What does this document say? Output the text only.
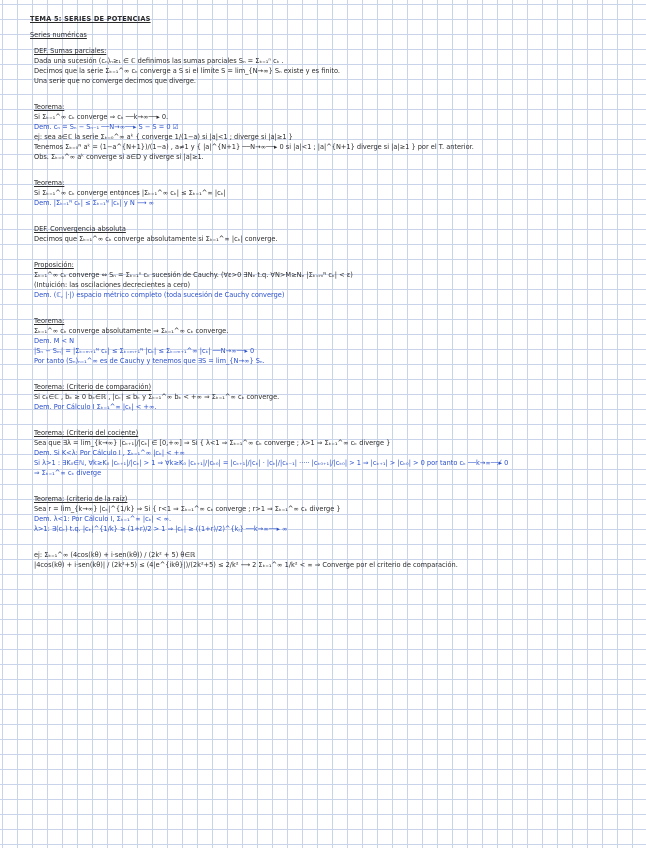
TEMA 5: SERIES DE POTENCIAS
Series numéricas
DEF. Sumas parciales:
Dada una sucesión (cₙ)ₙ≥₁ ∈ ℂ definimos las sumas parciales Sₙ = Σₖ₌₁ⁿ cₖ .
Decimos que la serie Σₖ₌₁^∞ cₖ converge a S si el límite S = lim_{N→∞} Sₙ existe y es finito.
Una serie que no converge decimos que diverge.
Teorema:
Si Σₖ₌₁^∞ cₖ converge ⇒ cₖ ──k→∞──▸ 0.
Dem. cₙ = Sₙ − Sₙ₋₁ ──N→∞──▸ S − S = 0 ☑
ej: sea a∈ℂ la serie Σₖ₌₀^∞ aᵏ { converge 1/(1−a) si |a|<1 ; diverge si |a|≥1 }
Tenemos Σₖ₌₀ᴺ aᵏ = (1−a^{N+1})/(1−a) , a≠1 y { |a|^{N+1} ──N→∞──▸ 0 si |a|<1 ; |a|^{N+1} diverge si |a|≥1 } por el T. anterior.
Obs. Σₖ₌₀^∞ aᵏ converge si a∈D y diverge si |a|≥1.
Teorema:
Si Σₖ₌₁^∞ cₖ converge entonces |Σₖ₌₁^∞ cₖ| ≤ Σₖ₌₁^∞ |cₖ|
Dem. |Σₖ₌₁ᴺ cₖ| ≤ Σₖ₌₁ᴺ |cₖ| y N ⟶ ∞
DEF. Convergencia absoluta
Decimos que Σₖ₌₁^∞ cₖ converge absolutamente si Σₖ₌₁^∞ |cₖ| converge.
Proposición:
Σₖ₌₁^∞ cₖ converge ⇔ Sₙ = Σₖ₌₁ⁿ cₖ sucesión de Cauchy. (∀ε>0 ∃Nₑ t.q. ∀N>M≥Nₑ |Σₖ₌ₘᴺ cₖ| < ε)
(Intuición: las oscilaciones decrecientes a cero)
Dem. (ℂ, |·|) espacio métrico completo (toda sucesión de Cauchy converge)
Teorema:
Σₖ₌₁^∞ cₖ converge absolutamente ⇒ Σₖ₌₁^∞ cₖ converge.
Dem. M < N
|Sₙ − Sₘ| = |Σₖ₌ₘ₊₁ᴺ cₖ| ≤ Σₖ₌ₘ₊₁ᴺ |cₖ| ≤ Σₖ₌ₘ₊₁^∞ |cₖ| ──N→∞──▸ 0
Por tanto (Sₙ)ₙ₌₁^∞ es de Cauchy y tenemos que ∃S = lim_{N→∞} Sₙ.
Teorema: (Criterio de comparación)
Si cₖ∈ℂ , bₖ ≥ 0 bₖ∈ℝ , |cₖ| ≤ bₖ y Σₖ₌₁^∞ bₖ < +∞ ⇒ Σₖ₌₁^∞ cₖ converge.
Dem. Por Cálculo I Σₖ₌₁^∞ |cₖ| < +∞.
Teorema: (Criterio del cociente)
Sea que ∃λ = lim_{k→∞} |cₖ₊₁|/|cₖ| ∈ [0,+∞] ⇒ Si { λ<1 ⇒ Σₖ₌₁^∞ cₖ converge ; λ>1 ⇒ Σₖ₌₁^∞ cₖ diverge }
Dem. Si K<λ: Por Cálculo I , Σₖ₌₁^∞ |cₖ| < +∞
Si λ>1 : ∃K₀∈ℕ, ∀k≥K₀ |cₖ₊₁|/|cₖ| > 1 ⇒ ∀k≥K₀ |cₖ₊₁|/|cₖ₀| = |cₖ₊₁|/|cₖ| · |cₖ|/|cₖ₋₁| ····· |cₖ₀₊₁|/|cₖ₀| > 1 ⇒ |cₖ₊₁| > |cₖ₀| > 0 por tanto cₖ ──k→∞──▸̸ 0
⇒ Σₖ₌₁^∞ cₖ diverge
Teorema: (criterio de la raíz)
Sea r = lim_{k→∞} |cₖ|^{1/k} ⇒ Si { r<1 ⇒ Σₖ₌₁^∞ cₖ converge ; r>1 ⇒ Σₖ₌₁^∞ cₖ diverge }
Dem. λ<1: Por Cálculo I, Σₖ₌₁^∞ |cₖ| < ∞.
λ>1: ∃(cₖ) t.q. |cₖ|^{1/k} ≥ (1+r)/2 > 1 ⇒ |cₖ| ≥ ((1+r)/2)^{kⱼ} ──k→∞──▸ ∞
ej: Σₖ₌₁^∞ (4cos(kθ) + i·sen(kθ)) / (2k² + 5) θ∈ℝ
|4cos(kθ) + i·sen(kθ)| / (2k²+5) ≤ (4|e^{ikθ}|)/(2k²+5) ≤ 2/k² ⟶ 2 Σₖ₌₁^∞ 1/k² < ∞ ⇒ Converge por el criterio de comparación.
